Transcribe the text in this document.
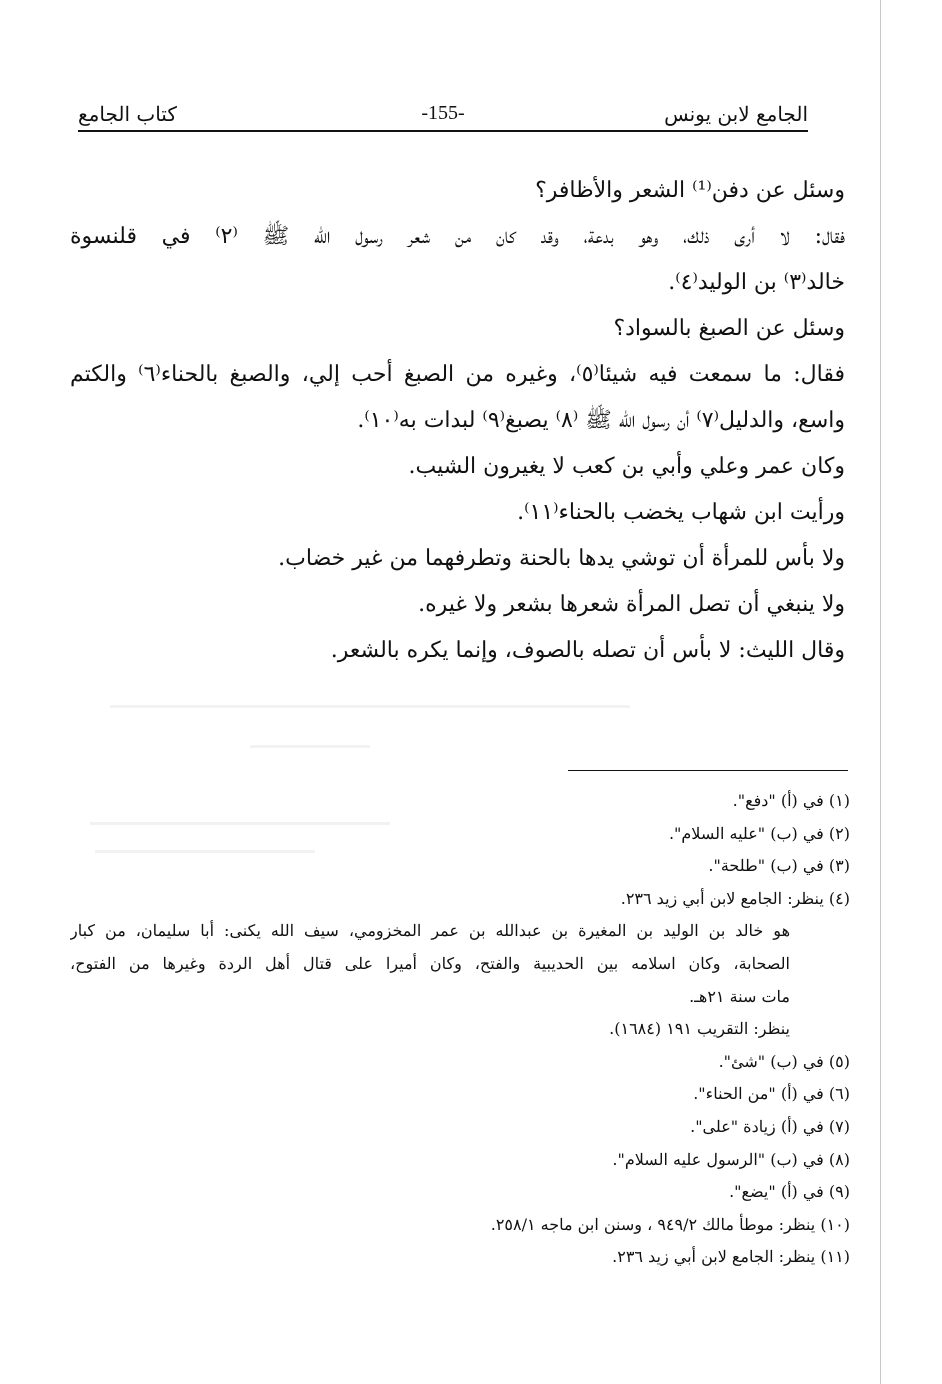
الجامع لابن يونس
-155-
كتاب الجامع
وسئل عن دفن⁽¹⁾ الشعر والأظافر؟
فقال: لا أرى ذلك، وهو بدعة، وقد كان من شعر رسول الله ﷺ ⁽٢⁾ في قلنسوة
خالد⁽٣⁾ بن الوليد⁽٤⁾.
وسئل عن الصبغ بالسواد؟
فقال: ما سمعت فيه شيئا⁽٥⁾، وغيره من الصبغ أحب إلي، والصبغ بالحناء⁽٦⁾ والكتم
واسع، والدليل⁽٧⁾ أن رسول الله ﷺ ⁽٨⁾ يصبغ⁽٩⁾ لبدات به⁽١٠⁾.
وكان عمر وعلي وأبي بن كعب لا يغيرون الشيب.
ورأيت ابن شهاب يخضب بالحناء⁽١١⁾.
ولا بأس للمرأة أن توشي يدها بالحنة وتطرفهما من غير خضاب.
ولا ينبغي أن تصل المرأة شعرها بشعر ولا غيره.
وقال الليث: لا بأس أن تصله بالصوف، وإنما يكره بالشعر.
(١) في (أ) "دفع".
(٢) في (ب) "عليه السلام".
(٣) في (ب) "طلحة".
(٤) ينظر: الجامع لابن أبي زيد ٢٣٦.
هو خالد بن الوليد بن المغيرة بن عبدالله بن عمر المخزومي، سيف الله يكنى: أبا سليمان، من كبار
الصحابة، وكان اسلامه بين الحديبية والفتح، وكان أميرا على قتال أهل الردة وغيرها من الفتوح،
مات سنة ٢١هـ.
ينظر: التقريب ١٩١ (١٦٨٤).
(٥) في (ب) "شئ".
(٦) في (أ) "من الحناء".
(٧) في (أ) زيادة "على".
(٨) في (ب) "الرسول عليه السلام".
(٩) في (أ) "يضع".
(١٠) ينظر: موطأ مالك ٩٤٩/٢ ، وسنن ابن ماجه ٢٥٨/١.
(١١) ينظر: الجامع لابن أبي زيد ٢٣٦.
